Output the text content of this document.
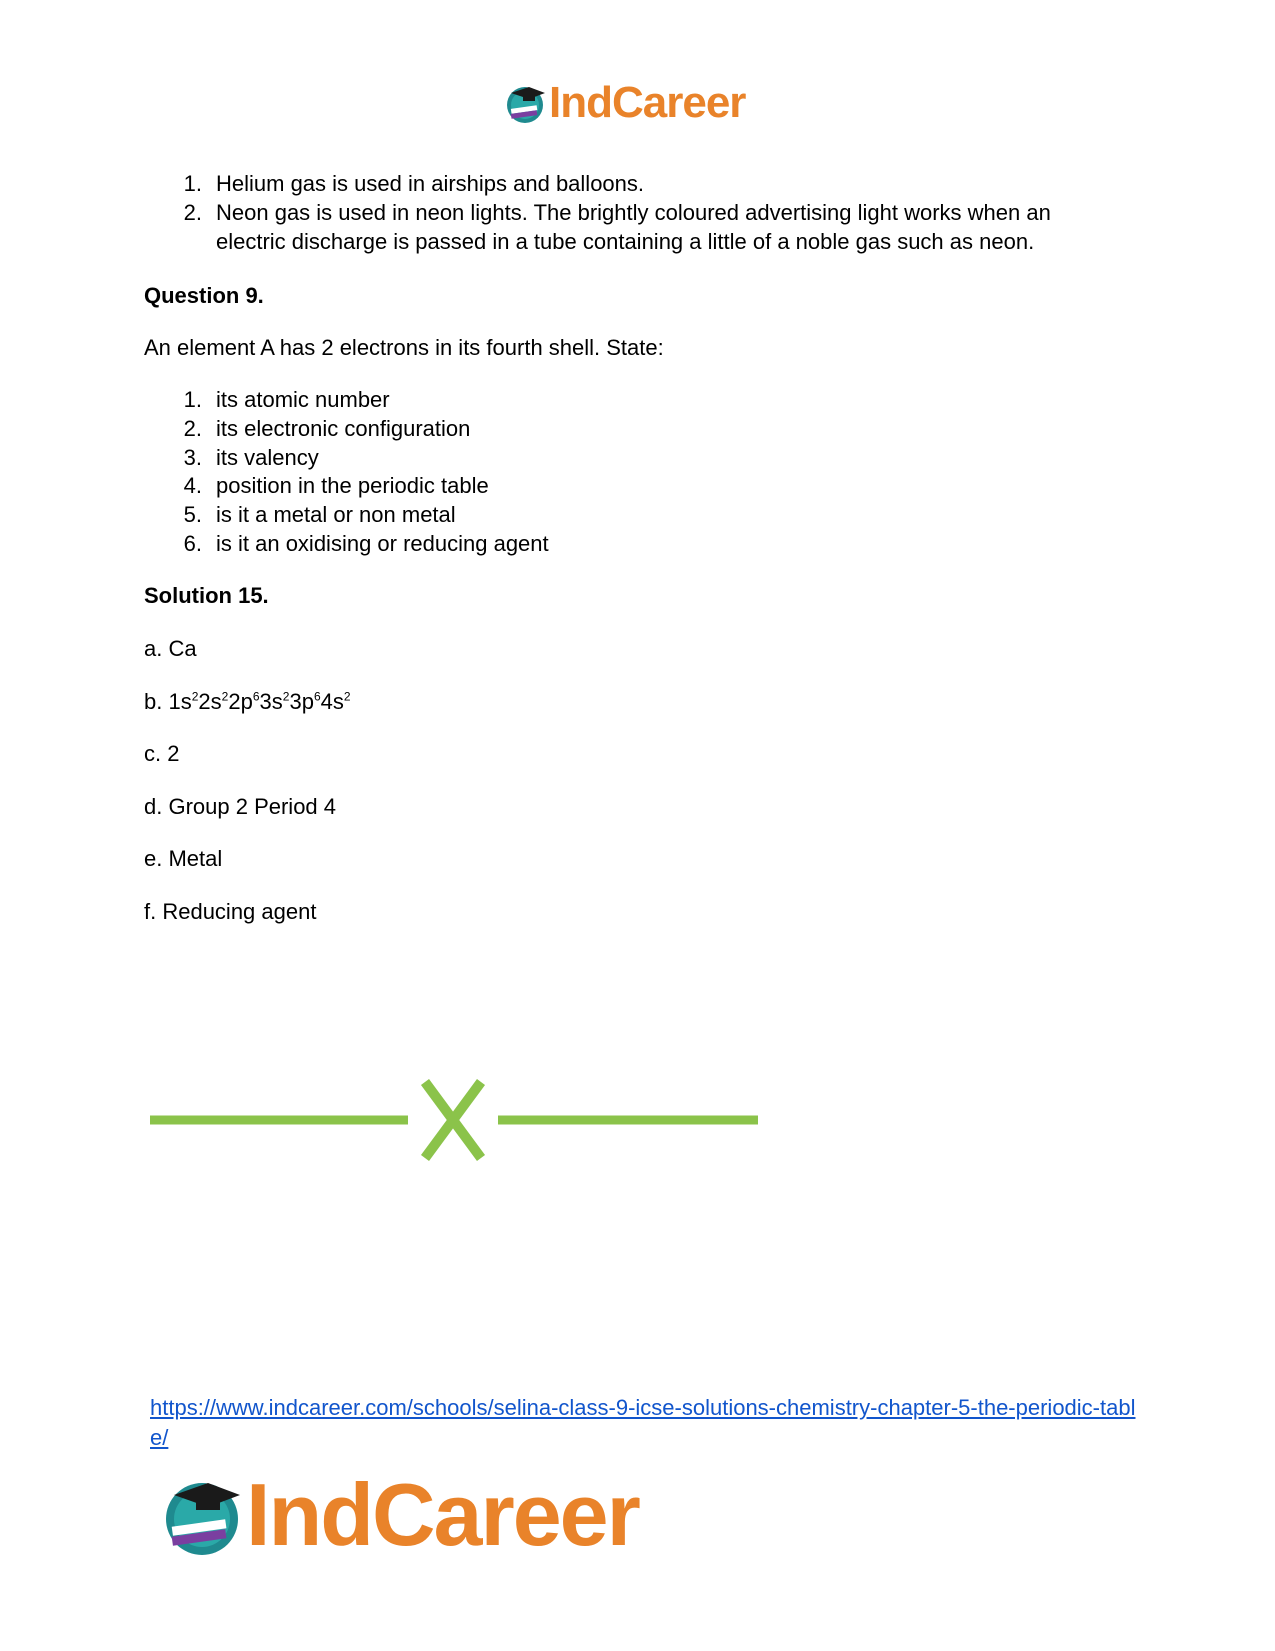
IndCareer
1. Helium gas is used in airships and balloons.
2. Neon gas is used in neon lights. The brightly coloured advertising light works when an
electric discharge is passed in a tube containing a little of a noble gas such as neon.
Question 9.
An element A has 2 electrons in its fourth shell. State:
1. its atomic number
2. its electronic configuration
3. its valency
4. position in the periodic table
5. is it a metal or non metal
6. is it an oxidising or reducing agent
Solution 15.
a. Ca
b. $1s^22s^22p^63s^23p^64s^2$
c. 2
d. Group 2 Period 4
e. Metal
f. Reducing agent
https://www.indcareer.com/schools/selina-class-9-icse-solutions-chemistry-chapter-5-the-periodic-table/
IndCareer
